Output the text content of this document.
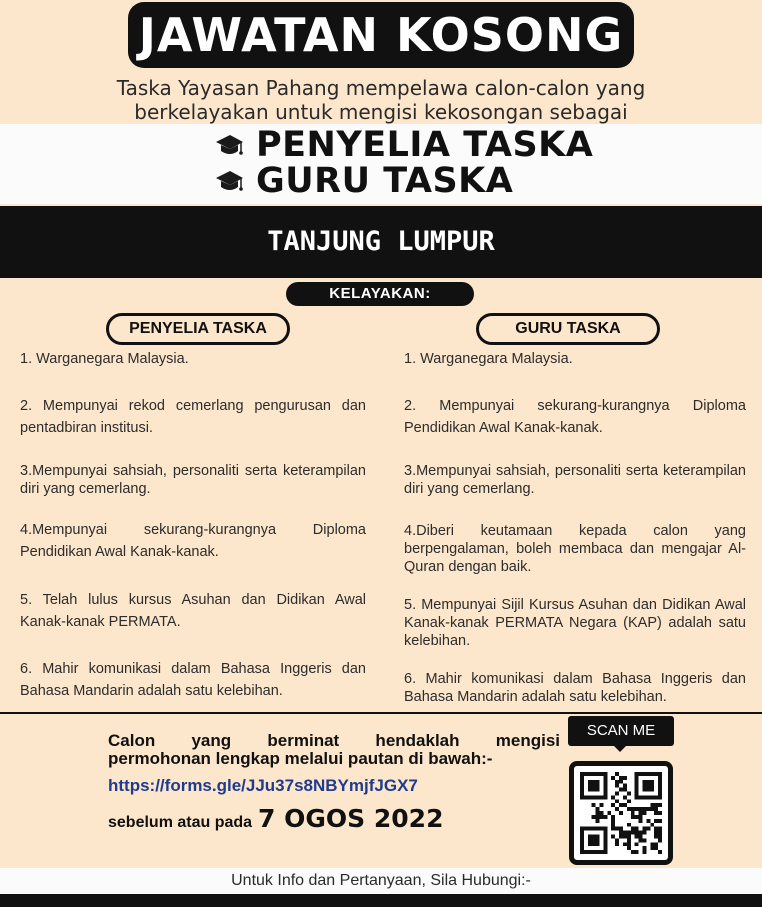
JAWATAN KOSONG
Taska Yayasan Pahang mempelawa calon-calon yang
berkelayakan untuk mengisi kekosongan sebagai
PENYELIA TASKA
GURU TASKA
TANJUNG LUMPUR
KELAYAKAN:
PENYELIA TASKA	GURU TASKA
1. Warganegara Malaysia.
2. Mempunyai rekod cemerlang pengurusan dan pentadbiran institusi.
3.Mempunyai sahsiah, personaliti serta keterampilan diri yang cemerlang.
4.Mempunyai sekurang-kurangnya Diploma Pendidikan Awal Kanak-kanak.
5. Telah lulus kursus Asuhan dan Didikan Awal Kanak-kanak PERMATA.
6. Mahir komunikasi dalam Bahasa Inggeris dan Bahasa Mandarin adalah satu kelebihan.
1. Warganegara Malaysia.
2. Mempunyai sekurang-kurangnya Diploma Pendidikan Awal Kanak-kanak.
3.Mempunyai sahsiah, personaliti serta keterampilan diri yang cemerlang.
4.Diberi keutamaan kepada calon yang berpengalaman, boleh membaca dan mengajar Al-Quran dengan baik.
5. Mempunyai Sijil Kursus Asuhan dan Didikan Awal Kanak-kanak PERMATA Negara (KAP) adalah satu kelebihan.
6. Mahir komunikasi dalam Bahasa Inggeris dan Bahasa Mandarin adalah satu kelebihan.
Calon yang berminat hendaklah mengisi
permohonan lengkap melalui pautan di bawah:-
https://forms.gle/JJu37s8NBYmjfJGX7
sebelum atau pada 7 OGOS 2022
SCAN ME
Untuk Info dan Pertanyaan, Sila Hubungi:-
